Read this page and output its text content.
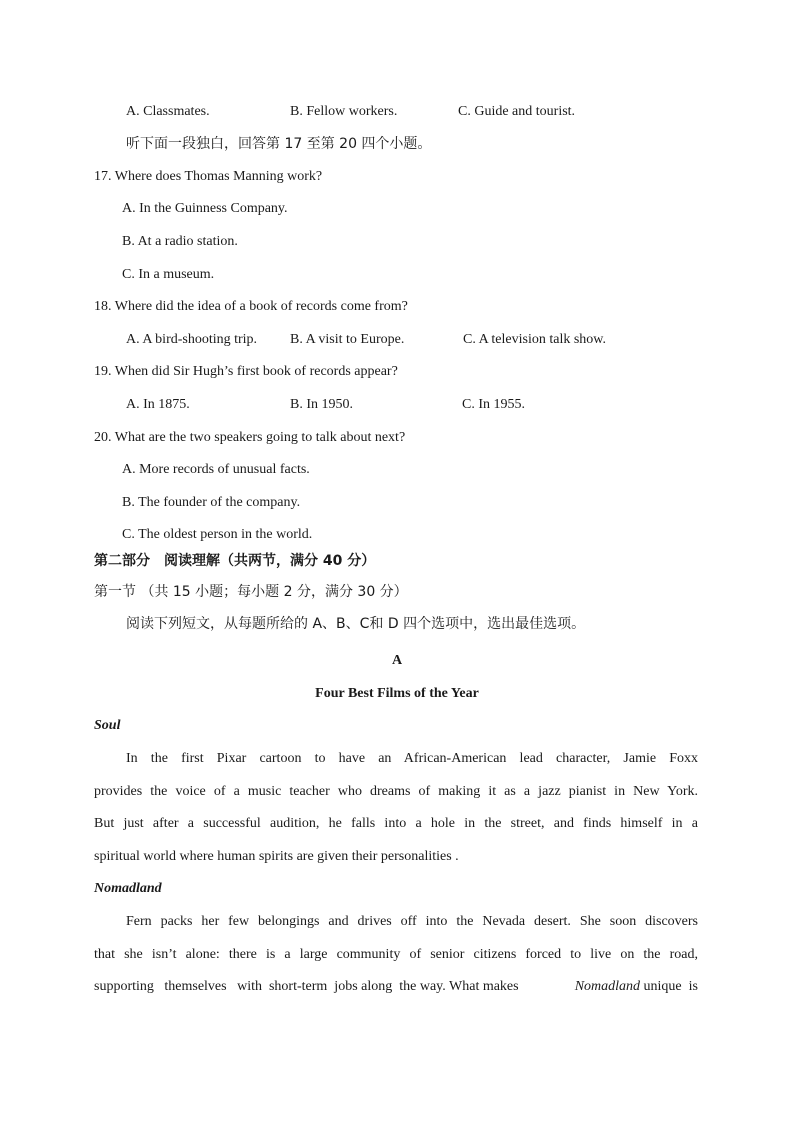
A. Classmates.	B. Fellow workers.	C. Guide and tourist.
听下面一段独白，回答第 17 至第 20 四个小题。
17. Where does Thomas Manning work?
A. In the Guinness Company.
B. At a radio station.
C. In a museum.
18. Where did the idea of a book of records come from?
A. A bird-shooting trip. B. A visit to Europe.	C. A television talk show.
19. When did Sir Hugh’s first book of records appear?
A. In 1875.	B. In 1950.	C. In 1955.
20. What are the two speakers going to talk about next?
A. More records of unusual facts.
B. The founder of the company.
C. The oldest person in the world.
第二部分　阅读理解（共两节，满分 40 分）
第一节 （共 15 小题；每小题 2 分，满分 30 分）
阅读下列短文，从每题所给的 A、B、C和 D 四个选项中，选出最佳选项。
A
Four Best Films of the Year
Soul
In the first Pixar cartoon to have an African-American lead character, Jamie Foxx
provides the voice of a music teacher who dreams of making it as a jazz pianist in New York.
But just after a successful audition, he falls into a hole in the street, and finds himself in a
spiritual world where human spirits are given their personalities .
Nomadland
Fern packs her few belongings and drives off into the Nevada desert. She soon discovers
that she isn’t alone: there is a large community of senior citizens forced to live on the road,
supporting   themselves   with  short-term  jobs along  the way. What makes	Nomadland unique  is
